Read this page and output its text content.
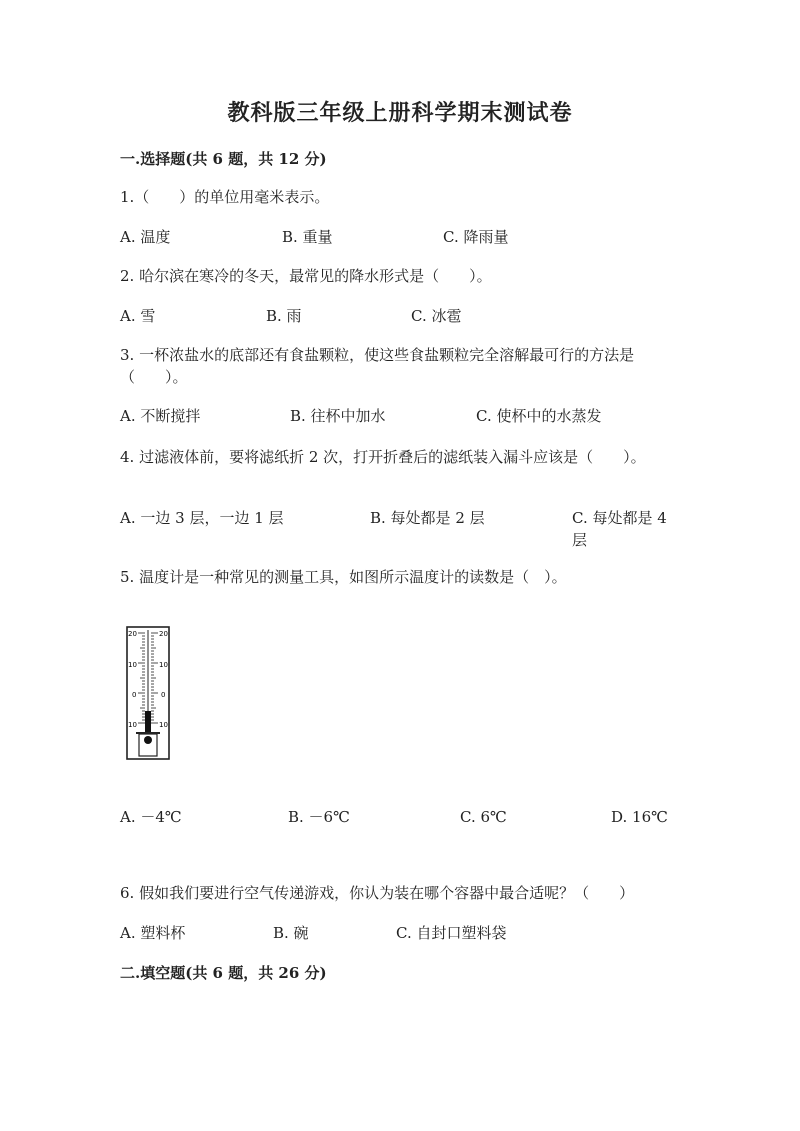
教科版三年级上册科学期末测试卷
一.选择题(共 6 题，共 12 分)
1.（　　）的单位用毫米表示。
A. 温度	B. 重量	C. 降雨量
2. 哈尔滨在寒冷的冬天，最常见的降水形式是（　　）。
A. 雪	B. 雨	C. 冰雹
3. 一杯浓盐水的底部还有食盐颗粒，使这些食盐颗粒完全溶解最可行的方法是（　　）。
A. 不断搅拌	B. 往杯中加水	C. 使杯中的水蒸发
4. 过滤液体前，要将滤纸折 2 次，打开折叠后的滤纸装入漏斗应该是（　　）。
A. 一边 3 层，一边 1 层	B. 每处都是 2 层	C. 每处都是 4 层
5. 温度计是一种常见的测量工具，如图所示温度计的读数是（　）。
20	20
10	10
0	0
10	10
A. －4℃	B. －6℃	C. 6℃	D. 16℃
6. 假如我们要进行空气传递游戏，你认为装在哪个容器中最合适呢？（　　）
A. 塑料杯	B. 碗	C. 自封口塑料袋
二.填空题(共 6 题，共 26 分)
